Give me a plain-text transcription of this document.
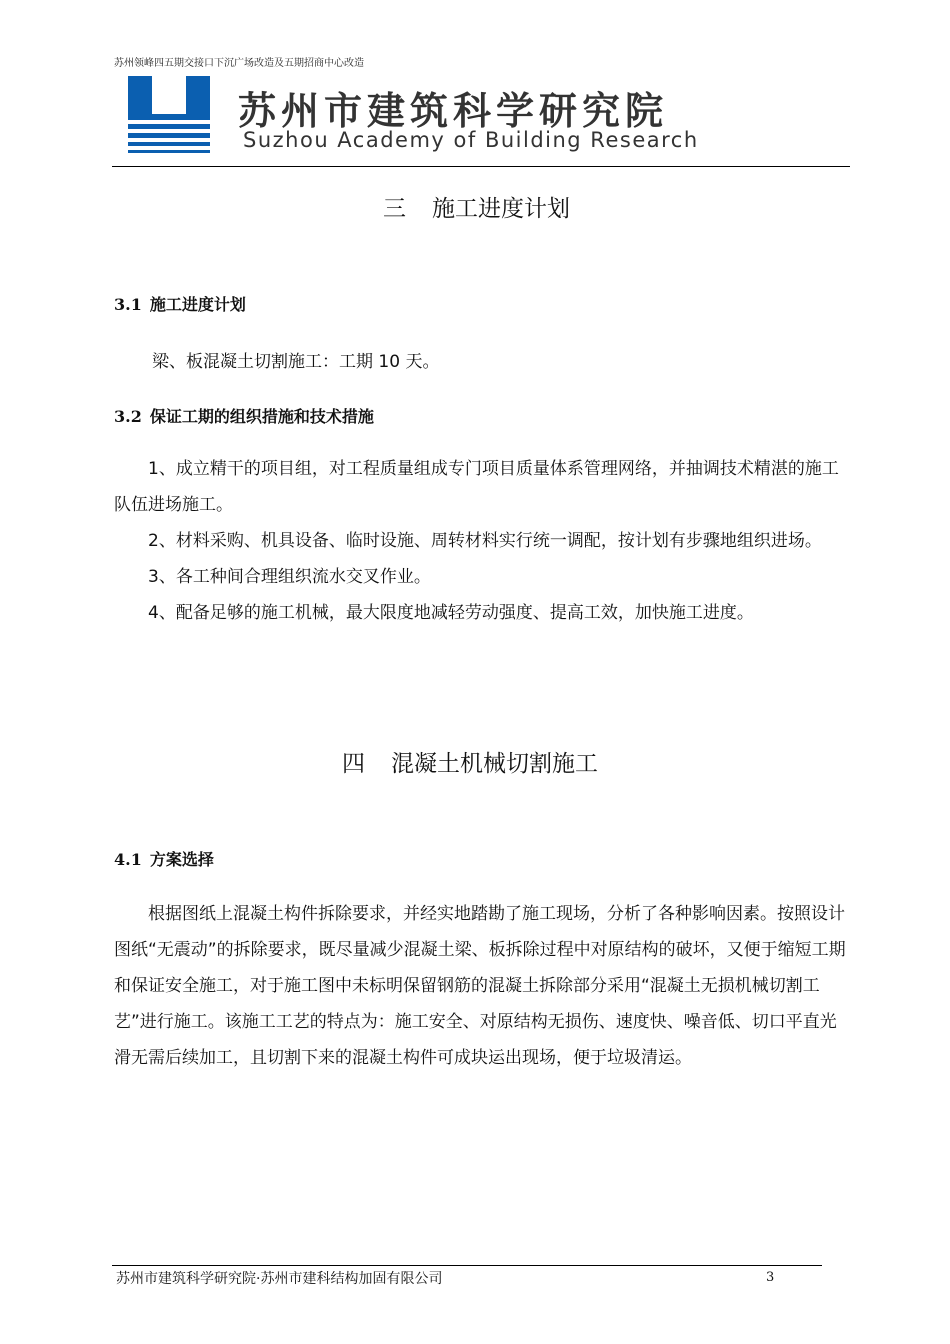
苏州领峰四五期交接口下沉广场改造及五期招商中心改造
苏州市建筑科学研究院
Suzhou Academy of Building Research
三 施工进度计划
3.1 施工进度计划
梁、板混凝土切割施工：工期 10 天。
3.2 保证工期的组织措施和技术措施

1、成立精干的项目组，对工程质量组成专门项目质量体系管理网络，并抽调技术精湛的施工队伍进场施工。

2、材料采购、机具设备、临时设施、周转材料实行统一调配，按计划有步骤地组织进场。

3、各工种间合理组织流水交叉作业。

4、配备足够的施工机械，最大限度地减轻劳动强度、提高工效，加快施工进度。

四 混凝土机械切割施工
4.1 方案选择

根据图纸上混凝土构件拆除要求，并经实地踏勘了施工现场，分析了各种影响因素。按照设计图纸“无震动”的拆除要求，既尽量减少混凝土梁、板拆除过程中对原结构的破坏，又便于缩短工期和保证安全施工，对于施工图中未标明保留钢筋的混凝土拆除部分采用“混凝土无损机械切割工艺”进行施工。该施工工艺的特点为：施工安全、对原结构无损伤、速度快、噪音低、切口平直光滑无需后续加工，且切割下来的混凝土构件可成块运出现场，便于垃圾清运。

苏州市建筑科学研究院·苏州市建科结构加固有限公司	3
